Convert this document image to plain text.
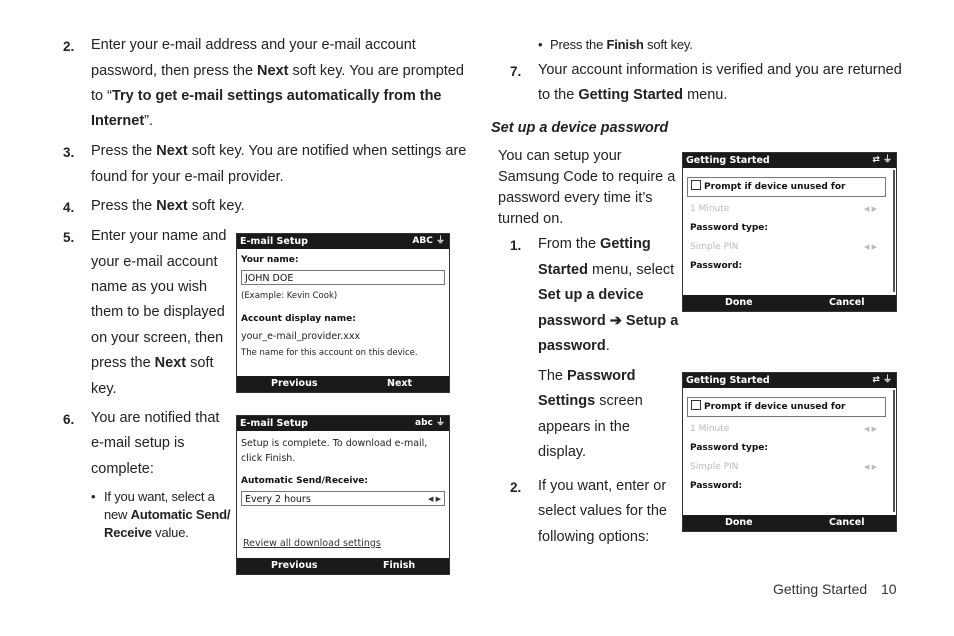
2. Enter your e-mail address and your e-mail account
password, then press the Next soft key. You are prompted
to “Try to get e-mail settings automatically from the
Internet”.
3. Press the Next soft key. You are notified when settings are
found for your e-mail provider.
4. Press the Next soft key.
5. Enter your name and
your e-mail account
name as you wish
them to be displayed
on your screen, then
press the Next soft
key.
6. You are notified that
e-mail setup is
complete:
• If you want, select a
new Automatic Send/
Receive value.
E-mail Setup	ABC ⏚
Your name:
JOHN DOE
(Example: Kevin Cook)
Account display name:
your_e-mail_provider.xxx
The name for this account on this device.
Previous	Next
E-mail Setup	abc ⏚
Setup is complete. To download e-mail,
click Finish.
Automatic Send/Receive:
Every 2 hours	◀ ▶
Review all download settings
Previous	Finish
• Press the Finish soft key.
7. Your account information is verified and you are returned
to the Getting Started menu.
Set up a device password
You can setup your
Samsung Code to require a
password every time it’s
turned on.
1. From the Getting
Started menu, select
Set up a device
password ➔ Setup a
password.
The Password
Settings screen
appears in the
display.
2. If you want, enter or
select values for the
following options:
Getting Started	⇄ ⏚
Prompt if device unused for
1 Minute	◀ ▶
Password type:
Simple PIN	◀ ▶
Password:
Done	Cancel
Getting Started	⇄ ⏚
Prompt if device unused for
1 Minute	◀ ▶
Password type:
Simple PIN	◀ ▶
Password:
Done	Cancel
Getting Started 10
